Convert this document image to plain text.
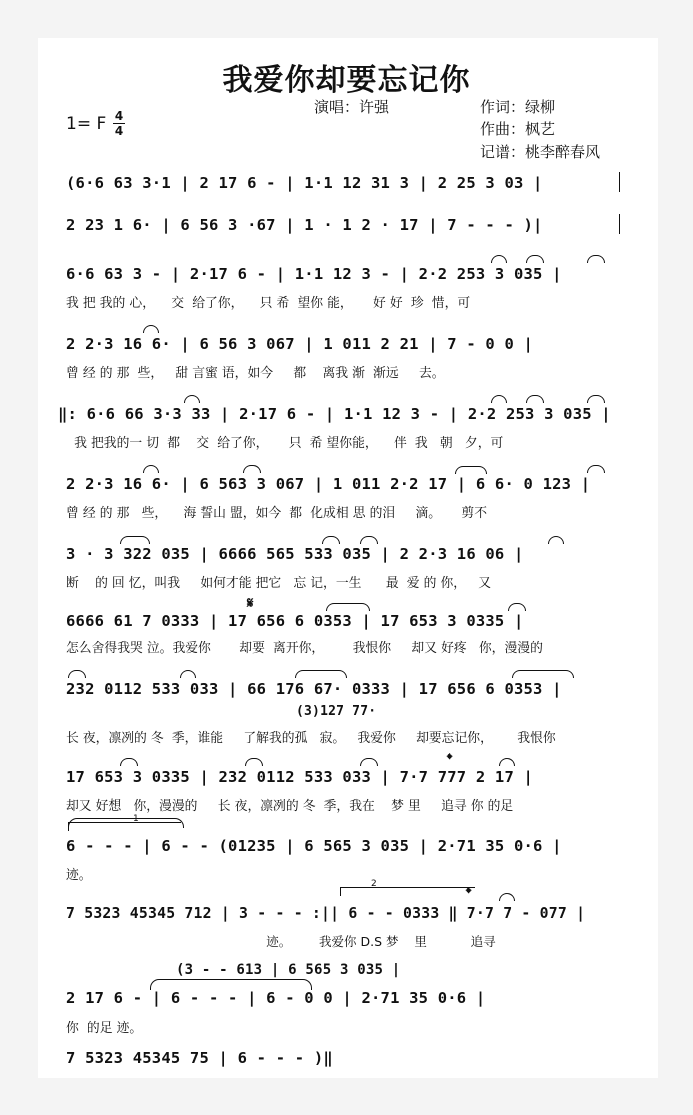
我爱你却要忘记你
演唱：许强	作词：绿柳
作曲：枫艺
记谱：桃李醉春风
1= F 4
4
(6·6 63 3·1 | 2 17 6 - | 1·1 12 31 3 | 2 25 3 03 |
2 23 1 6· | 6 56 3 ·67 | 1 · 1 2 · 17 | 7 - - - )|
6·6 63 3 - | 2·17 6 - | 1·1 12 3 - | 2·2 253 3 035 |
我 把 我的 心，    交  给了你，    只 希  望你 能，     好 好  珍  惜，可
2 2·3 16 6· | 6 56 3 067 | 1 011 2 21 | 7 - 0 0 |
曾 经 的 那  些，   甜 言蜜 语，如今     都    离我 渐  渐远     去。
‖: 6·6 66 3·3 33 | 2·17 6 - | 1·1 12 3 - | 2·2 253 3 035 |
我 把我的一 切  都    交  给了你，     只  希 望你能，    伴  我   朝   夕，可
2 2·3 16 6· | 6 563 3 067 | 1 011 2·2 17 | 6 6· 0 123 |
曾 经 的 那   些，    海 誓山 盟，如今  都  化成相 思 的泪     滴。     剪不
3 · 3 322 035 | 6666 565 533 035 | 2 2·3 16 06 |
断    的 回 忆，叫我     如何才能 把它   忘 记，一生      最  爱 的 你，   又
6666 61 7 0333 | 17 656 6 0353 | 17 653 3 0335 |
怎么舍得我哭 泣。我爱你       却要  离开你，       我恨你     却又 好疼   你，漫漫的
232 0112 533 033 | 66 176 67· 0333 | 17 656 6 0353 |
(3)127 77·
长 夜，凛冽的 冬  季，谁能     了解我的孤   寂。   我爱你     却要忘记你，      我恨你
17 653 3 0335 | 232 0112 533 033 | 7·7 777 2 17 |
却又 好想   你，漫漫的     长 夜，凛冽的 冬  季，我在    梦 里     追寻 你 的足
6 - - - | 6 - - (01235 | 6 565 3 035 | 2·71 35 0·6 |
迹。
7 5323 45345 712 | 3 - - - :|| 6 - - 0333 ‖ 7·7 7 - 077 |
迹。       我爱你 D.S 梦    里           追寻
(3 - - 613 | 6 565 3 035 |
2 17 6 - | 6 - - - | 6 - 0 0 | 2·71 35 0·6 |
你  的足 迹。
7 5323 45345 75 | 6 - - - )‖
1
2
𝄋
𝄌
𝄌
